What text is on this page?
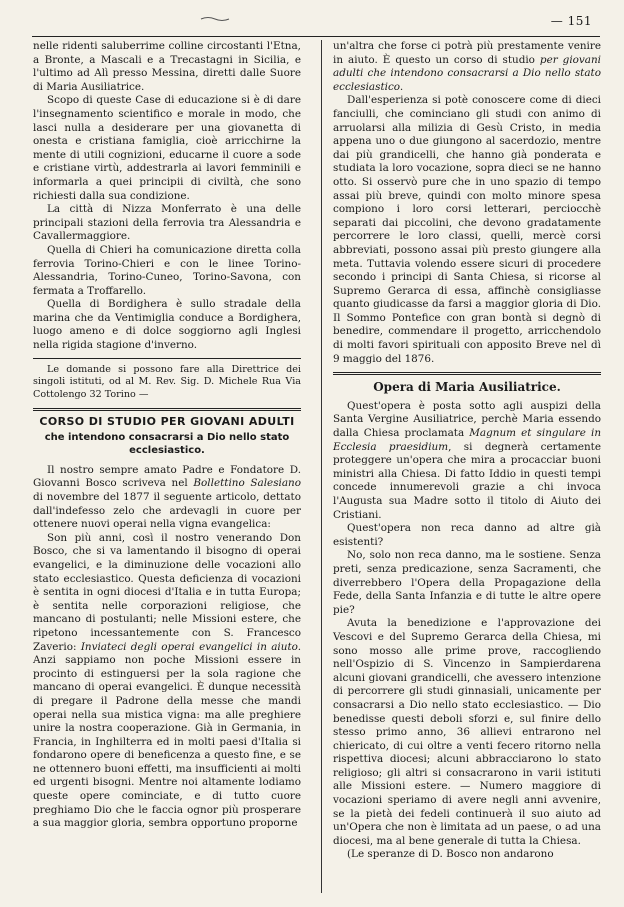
— 151

nelle ridenti saluberrime colline circostanti l'Etna, a Bronte, a Mascali e a Trecastagni in Sicilia, e l'ultimo ad Alì presso Messina, diretti dalle Suore di Maria Ausiliatrice.

Scopo di queste Case di educazione si è di dare l'insegnamento scientifico e morale in modo, che lasci nulla a desiderare per una giovanetta di onesta e cristiana famiglia, cioè arricchirne la mente di utili cognizioni, educarne il cuore a sode e cristiane virtù, addestrarla ai lavori femminili e informarla a quei principii di civiltà, che sono richiesti dalla sua condizione.

La città di Nizza Monferrato è una delle principali stazioni della ferrovia tra Alessandria e Cavallermaggiore.

Quella di Chieri ha comunicazione diretta colla ferrovia Torino-Chieri e con le linee Torino-Alessandria, Torino-Cuneo, Torino-Savona, con fermata a Troffarello.

Quella di Bordighera è sullo stradale della marina che da Ventimiglia conduce a Bordighera, luogo ameno e di dolce soggiorno agli Inglesi nella rigida stagione d'inverno.

Le domande si possono fare alla Direttrice dei singoli istituti, od al M. Rev. Sig. D. Michele Rua Via Cottolengo 32 Torino —

CORSO DI STUDIO PER GIOVANI ADULTI
che intendono consacrarsi a Dio nello stato ecclesiastico.

Il nostro sempre amato Padre e Fondatore D. Giovanni Bosco scriveva nel Bollettino Salesiano di novembre del 1877 il seguente articolo, dettato dall'indefesso zelo che ardevagli in cuore per ottenere nuovi operai nella vigna evangelica:

Son più anni, così il nostro venerando Don Bosco, che si va lamentando il bisogno di operai evangelici, e la diminuzione delle vocazioni allo stato ecclesiastico. Questa deficienza di vocazioni è sentita in ogni diocesi d'Italia e in tutta Europa; è sentita nelle corporazioni religiose, che mancano di postulanti; nelle Missioni estere, che ripetono incessantemente con S. Francesco Zaverio: Inviateci degli operai evangelici in aiuto. Anzi sappiamo non poche Missioni essere in procinto di estinguersi per la sola ragione che mancano di operai evangelici. È dunque necessità di pregare il Padrone della messe che mandi operai nella sua mistica vigna: ma alle preghiere unire la nostra cooperazione. Già in Germania, in Francia, in Inghilterra ed in molti paesi d'Italia si fondarono opere di beneficenza a questo fine, e se ne ottennero buoni effetti, ma insufficienti ai molti ed urgenti bisogni. Mentre noi altamente lodiamo queste opere cominciate, e di tutto cuore preghiamo Dio che le faccia ognor più prosperare a sua maggior gloria, sembra opportuno proporne

un'altra che forse ci potrà più prestamente venire in aiuto. È questo un corso di studio per giovani adulti che intendono consacrarsi a Dio nello stato ecclesiastico.

Dall'esperienza si potè conoscere come di dieci fanciulli, che cominciano gli studi con animo di arruolarsi alla milizia di Gesù Cristo, in media appena uno o due giungono al sacerdozio, mentre dai più grandicelli, che hanno già ponderata e studiata la loro vocazione, sopra dieci se ne hanno otto. Si osservò pure che in uno spazio di tempo assai più breve, quindi con molto minore spesa compiono i loro corsi letterari, perciocchè separati dai piccolini, che devono gradatamente percorrere le loro classi, quelli, mercè corsi abbreviati, possono assai più presto giungere alla meta. Tuttavia volendo essere sicuri di procedere secondo i principi di Santa Chiesa, si ricorse al Supremo Gerarca di essa, affinchè consigliasse quanto giudicasse da farsi a maggior gloria di Dio. Il Sommo Pontefice con gran bontà si degnò di benedire, commendare il progetto, arricchendolo di molti favori spirituali con apposito Breve nel dì 9 maggio del 1876.

Opera di Maria Ausiliatrice.

Quest'opera è posta sotto agli auspizi della Santa Vergine Ausiliatrice, perchè Maria essendo dalla Chiesa proclamata Magnum et singulare in Ecclesia praesidium, si degnerà certamente proteggere un'opera che mira a procacciar buoni ministri alla Chiesa. Di fatto Iddio in questi tempi concede innumerevoli grazie a chi invoca l'Augusta sua Madre sotto il titolo di Aiuto dei Cristiani.

Quest'opera non reca danno ad altre già esistenti?

No, solo non reca danno, ma le sostiene. Senza preti, senza predicazione, senza Sacramenti, che diverrebbero l'Opera della Propagazione della Fede, della Santa Infanzia e di tutte le altre opere pie?

Avuta la benedizione e l'approvazione dei Vescovi e del Supremo Gerarca della Chiesa, mi sono mosso alle prime prove, raccogliendo nell'Ospizio di S. Vincenzo in Sampierdarena alcuni giovani grandicelli, che avessero intenzione di percorrere gli studi ginnasiali, unicamente per consacrarsi a Dio nello stato ecclesiastico. — Dio benedisse questi deboli sforzi e, sul finire dello stesso primo anno, 36 allievi entrarono nel chiericato, di cui oltre a venti fecero ritorno nella rispettiva diocesi; alcuni abbracciarono lo stato religioso; gli altri si consacrarono in varii istituti alle Missioni estere. — Numero maggiore di vocazioni speriamo di avere negli anni avvenire, se la pietà dei fedeli continuerà il suo aiuto ad un'Opera che non è limitata ad un paese, o ad una diocesi, ma al bene generale di tutta la Chiesa.

(Le speranze di D. Bosco non andarono
